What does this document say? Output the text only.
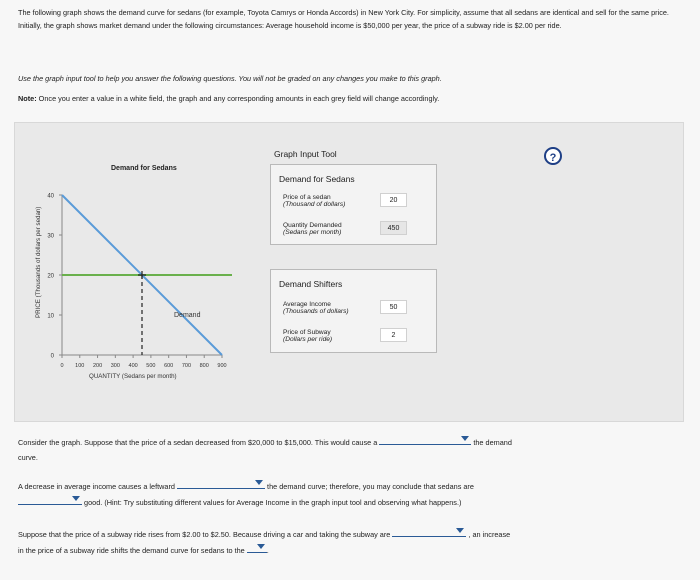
The following graph shows the demand curve for sedans (for example, Toyota Camrys or Honda Accords) in New York City. For simplicity, assume that all sedans are identical and sell for the same price. Initially, the graph shows market demand under the following circumstances: Average household income is $50,000 per year, the price of a subway ride is $2.00 per ride.
Use the graph input tool to help you answer the following questions. You will not be graded on any changes you make to this graph.
Note: Once you enter a value in a white field, the graph and any corresponding amounts in each grey field will change accordingly.
Demand for Sedans
PRICE (Thousands of dollars per sedan)
40
30
20
10
0
0 100 200 300 400 500 600 700 800 900
Demand
QUANTITY (Sedans per month)
Graph Input Tool	?
Demand for Sedans
Price of a sedan
(Thousand of dollars)
20
Quantity Demanded
(Sedans per month)
450
Demand Shifters
Average Income
(Thousands of dollars)
50
Price of Subway
(Dollars per ride)
2
Consider the graph. Suppose that the price of a sedan decreased from $20,000 to $15,000. This would cause a	the demand
curve.
A decrease in average income causes a leftward	the demand curve; therefore, you may conclude that sedans are

good. (Hint: Try substituting different values for Average Income in the graph input tool and observing what happens.)
Suppose that the price of a subway ride rises from $2.00 to $2.50. Because driving a car and taking the subway are	, an increase
in the price of a subway ride shifts the demand curve for sedans to the	.
